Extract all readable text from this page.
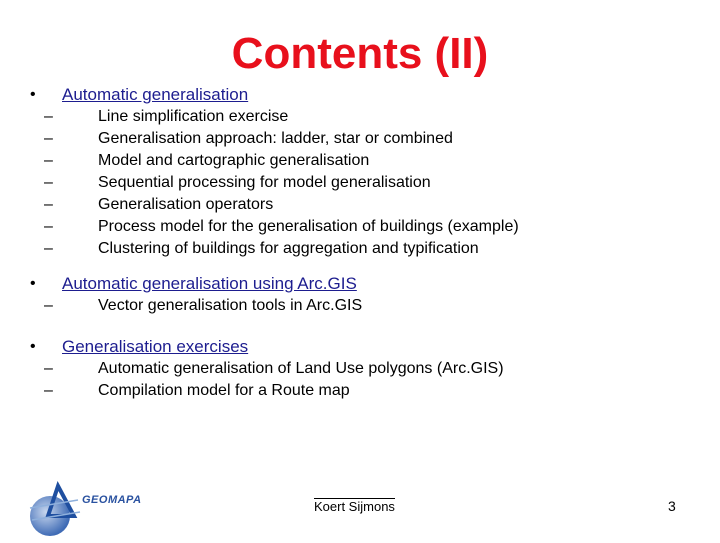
Contents (II)
• Automatic generalisation
–	Line simplification exercise
–	Generalisation approach: ladder, star or combined
–	Model and cartographic generalisation
–	Sequential processing for model generalisation
–	Generalisation operators
–	Process model for the generalisation of buildings (example)
–	Clustering of buildings for aggregation and typification
• Automatic generalisation using Arc.GIS
–	Vector generalisation tools in Arc.GIS
• Generalisation exercises
–	Automatic generalisation of Land Use polygons (Arc.GIS)
–	Compilation model for a Route map
GEOMAPA	Koert Sijmons	3
